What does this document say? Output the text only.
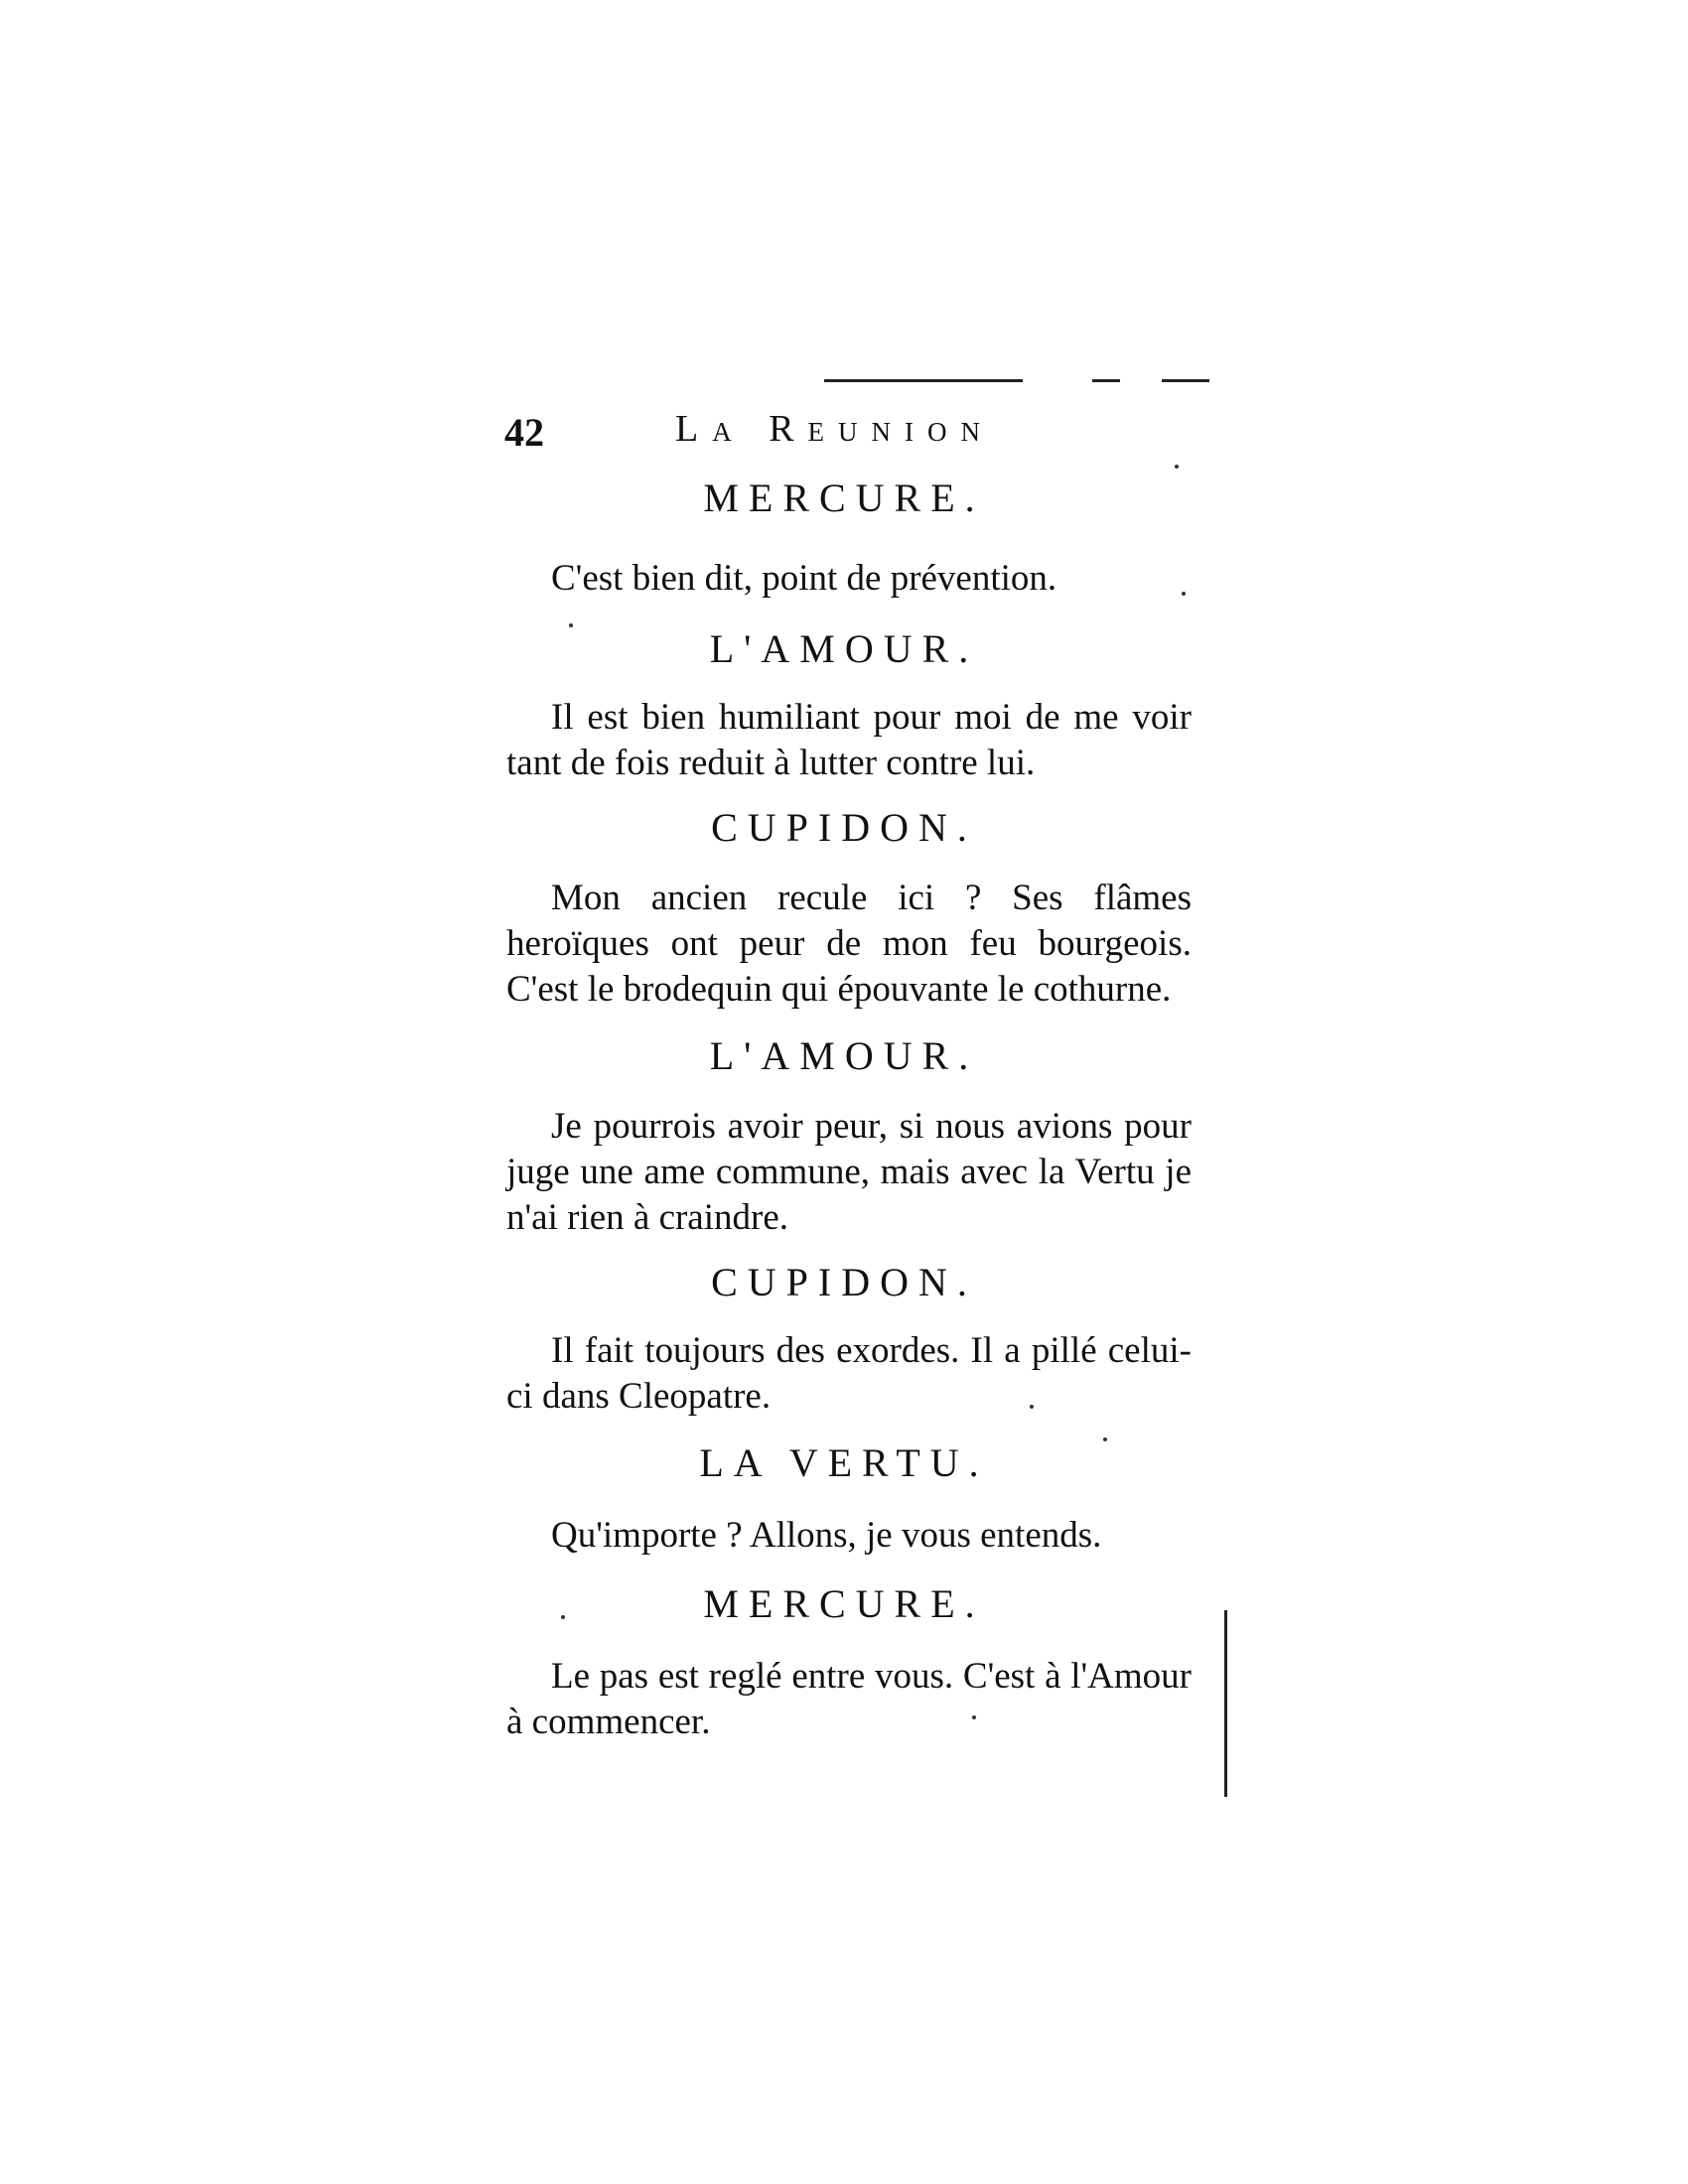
42	La Reunion
MERCURE.
C'est bien dit, point de prévention.
L'AMOUR.
Il est bien humiliant pour moi de me voir tant de fois reduit à lutter contre lui.
CUPIDON.
Mon ancien recule ici ? Ses flâmes heroïques ont peur de mon feu bourgeois. C'est le brodequin qui épouvante le cothurne.
L'AMOUR.
Je pourrois avoir peur, si nous avions pour juge une ame commune, mais avec la Vertu je n'ai rien à craindre.
CUPIDON.
Il fait toujours des exordes. Il a pillé celui-ci dans Cleopatre.
LA VERTU.
Qu'importe ? Allons, je vous entends.
MERCURE.
Le pas est reglé entre vous. C'est à l'Amour à commencer.
